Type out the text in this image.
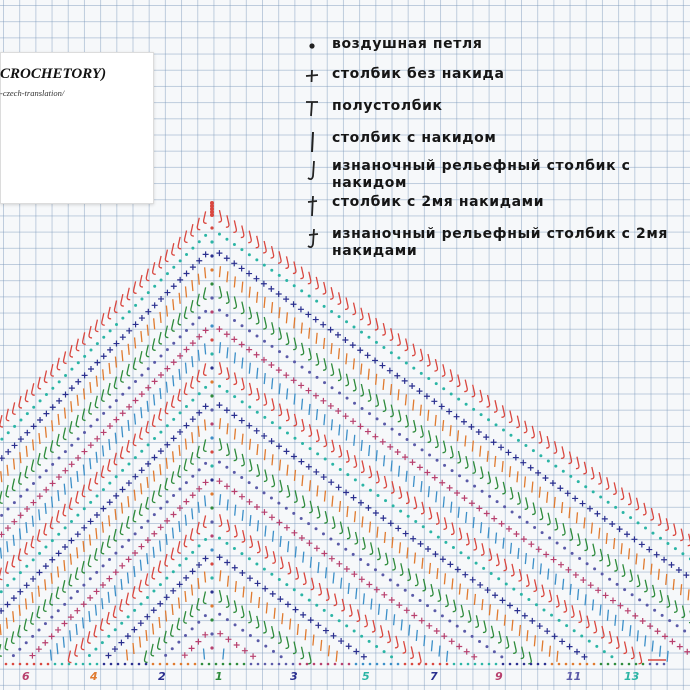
CROCHETORY)
-czech-translation/
6	4	2	1	3	5	7	9	11	13
воздушная петля
столбик без накида
полустолбик
столбик с накидом
изнаночный рельефный столбик с накидом
столбик с 2мя накидами
изнаночный рельефный столбик с 2мя накидами
